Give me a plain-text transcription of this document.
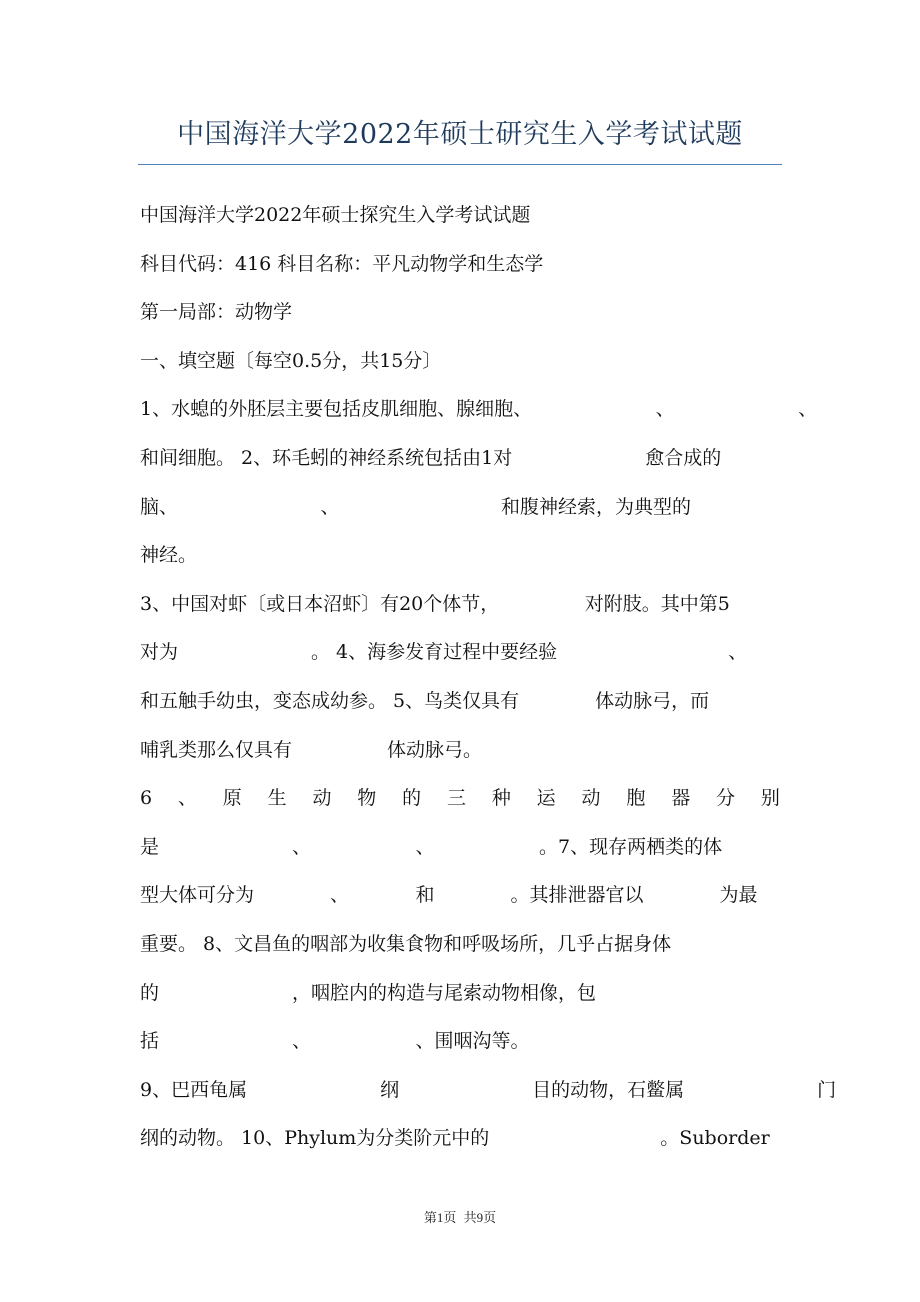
中国海洋大学2022年硕士研究生入学考试试题
中国海洋大学2022年硕士探究生入学考试试题
科目代码：416 科目名称：平凡动物学和生态学
第一局部：动物学
一、填空题〔每空0.5分，共15分〕
1、水螅的外胚层主要包括皮肌细胞、腺细胞、　　　　　　　、　　　　　　　、
和间细胞。 2、环毛蚓的神经系统包括由1对　　　　　　　愈合成的
脑、　　　　　　　　、　　　　　　　　　和腹神经索，为典型的
神经。
3、中国对虾〔或日本沼虾〕有20个体节，　　　　　对附肢。其中第5
对为　　　　　　　。 4、海参发育过程中要经验　　　　　　　　　、
和五触手幼虫，变态成幼参。 5、鸟类仅具有　　　　体动脉弓，而
哺乳类那么仅具有　　　　　体动脉弓。
6 、 原 生 动 物 的 三 种 运 动 胞 器 分 别
是　　　　　　　、　　　　　　、　　　　　　。7、现存两栖类的体
型大体可分为　　　　、　　　　和　　　　。其排泄器官以　　　　为最
重要。 8、文昌鱼的咽部为收集食物和呼吸场所，几乎占据身体
的　　　　　　　，咽腔内的构造与尾索动物相像，包
括　　　　　　　、　　　　　　、围咽沟等。
9、巴西龟属　　　　　　　纲　　　　　　　目的动物，石鳖属　　　　　　　门
纲的动物。 10、Phylum为分类阶元中的　　　　　　　　　。Suborder
第1页 共9页
